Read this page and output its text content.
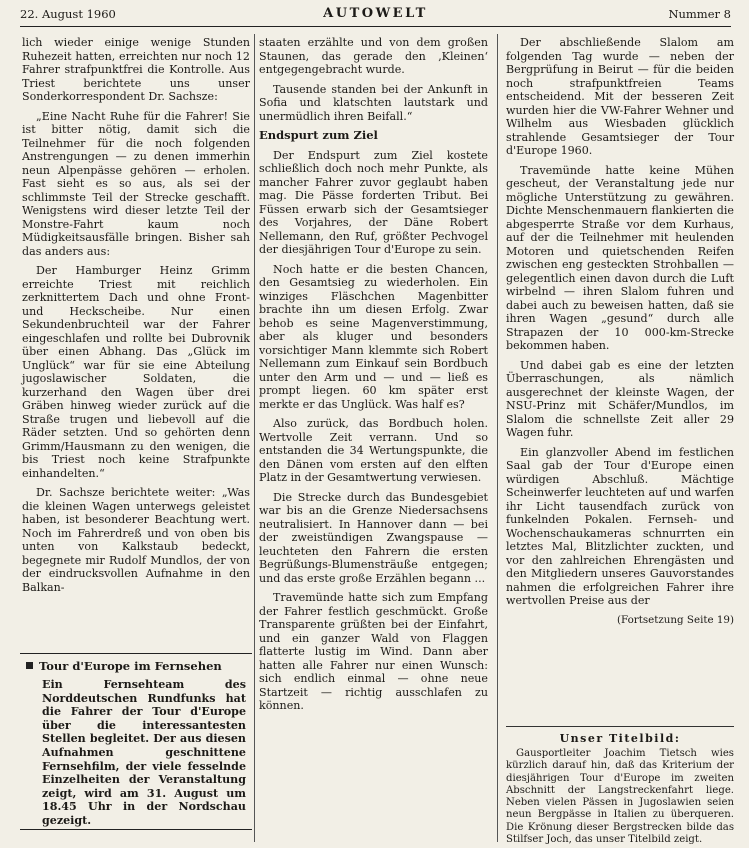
22. August 1960	AUTOWELT	Nummer 8

lich wieder einige wenige Stunden Ruhezeit hatten, erreichten nur noch 12 Fahrer strafpunktfrei die Kontrolle. Aus Triest berichtete uns unser Sonderkorrespondent Dr. Sachsze:

„Eine Nacht Ruhe für die Fahrer! Sie ist bitter nötig, damit sich die Teilnehmer für die noch folgenden Anstrengungen — zu denen immerhin neun Alpenpässe gehören — erholen. Fast sieht es so aus, als sei der schlimmste Teil der Strecke geschafft. Wenigstens wird dieser letzte Teil der Monstre-Fahrt kaum noch Müdigkeitsausfälle bringen. Bisher sah das anders aus:

Der Hamburger Heinz Grimm erreichte Triest mit reichlich zerknittertem Dach und ohne Front- und Heckscheibe. Nur einen Sekundenbruchteil war der Fahrer eingeschlafen und rollte bei Dubrovnik über einen Abhang. Das „Glück im Unglück“ war für sie eine Abteilung jugoslawischer Soldaten, die kurzerhand den Wagen über drei Gräben hinweg wieder zurück auf die Straße trugen und liebevoll auf die Räder setzten. Und so gehörten denn Grimm/Hausmann zu den wenigen, die bis Triest noch keine Strafpunkte einhandelten.“

Dr. Sachsze berichtete weiter: „Was die kleinen Wagen unterwegs geleistet haben, ist besonderer Beachtung wert. Noch im Fahrerdreß und von oben bis unten von Kalkstaub bedeckt, begegnete mir Rudolf Mundlos, der von der eindrucksvollen Aufnahme in den Balkan-

Tour d'Europe im Fernsehen
Ein Fernsehteam des Norddeutschen Rundfunks hat die Fahrer der Tour d'Europe über die interessantesten Stellen begleitet. Der aus diesen Aufnahmen geschnittene Fernsehfilm, der viele fesselnde Einzelheiten der Veranstaltung zeigt, wird am 31. August um 18.45 Uhr in der Nordschau gezeigt.

staaten erzählte und von dem großen Staunen, das gerade den ‚Kleinen‘ entgegengebracht wurde.

Tausende standen bei der Ankunft in Sofia und klatschten lautstark und unermüdlich ihren Beifall.“

Endspurt zum Ziel

Der Endspurt zum Ziel kostete schließlich doch noch mehr Punkte, als mancher Fahrer zuvor geglaubt haben mag. Die Pässe forderten Tribut. Bei Füssen erwarb sich der Gesamtsieger des Vorjahres, der Däne Robert Nellemann, den Ruf, größter Pechvogel der diesjährigen Tour d'Europe zu sein.

Noch hatte er die besten Chancen, den Gesamtsieg zu wiederholen. Ein winziges Fläschchen Magenbitter brachte ihn um diesen Erfolg. Zwar behob es seine Magenverstimmung, aber als kluger und besonders vorsichtiger Mann klemmte sich Robert Nellemann zum Einkauf sein Bordbuch unter den Arm und — und — ließ es prompt liegen. 60 km später erst merkte er das Unglück. Was half es?

Also zurück, das Bordbuch holen. Wertvolle Zeit verrann. Und so entstanden die 34 Wertungspunkte, die den Dänen vom ersten auf den elften Platz in der Gesamtwertung verwiesen.

Die Strecke durch das Bundesgebiet war bis an die Grenze Niedersachsens neutralisiert. In Hannover dann — bei der zweistündigen Zwangspause — leuchteten den Fahrern die ersten Begrüßungs-Blumensträuße entgegen; und das erste große Erzählen begann ...

Travemünde hatte sich zum Empfang der Fahrer festlich geschmückt. Große Transparente grüßten bei der Einfahrt, und ein ganzer Wald von Flaggen flatterte lustig im Wind. Dann aber hatten alle Fahrer nur einen Wunsch: sich endlich einmal — ohne neue Startzeit — richtig ausschlafen zu können.

Der abschließende Slalom am folgenden Tag wurde — neben der Bergprüfung in Beirut — für die beiden noch strafpunktfreien Teams entscheidend. Mit der besseren Zeit wurden hier die VW-Fahrer Wehner und Wilhelm aus Wiesbaden glücklich strahlende Gesamtsieger der Tour d'Europe 1960.

Travemünde hatte keine Mühen gescheut, der Veranstaltung jede nur mögliche Unterstützung zu gewähren. Dichte Menschenmauern flankierten die abgesperrte Straße vor dem Kurhaus, auf der die Teilnehmer mit heulenden Motoren und quietschenden Reifen zwischen eng gesteckten Strohballen — gelegentlich einen davon durch die Luft wirbelnd — ihren Slalom fuhren und dabei auch zu beweisen hatten, daß sie ihren Wagen „gesund“ durch alle Strapazen der 10 000-km-Strecke bekommen haben.

Und dabei gab es eine der letzten Überraschungen, als nämlich ausgerechnet der kleinste Wagen, der NSU-Prinz mit Schäfer/Mundlos, im Slalom die schnellste Zeit aller 29 Wagen fuhr.

Ein glanzvoller Abend im festlichen Saal gab der Tour d'Europe einen würdigen Abschluß. Mächtige Scheinwerfer leuchteten auf und warfen ihr Licht tausendfach zurück von funkelnden Pokalen. Fernseh- und Wochenschaukameras schnurrten ein letztes Mal, Blitzlichter zuckten, und vor den zahlreichen Ehrengästen und den Mitgliedern unseres Gauvorstandes nahmen die erfolgreichen Fahrer ihre wertvollen Preise aus der

(Fortsetzung Seite 19)
Unser Titelbild:
Gausportleiter Joachim Tietsch wies kürzlich darauf hin, daß das Kriterium der diesjährigen Tour d'Europe im zweiten Abschnitt der Langstreckenfahrt liege. Neben vielen Pässen in Jugoslawien seien neun Bergpässe in Italien zu überqueren. Die Krönung dieser Bergstrecken bilde das Stilfser Joch, das unser Titelbild zeigt.
